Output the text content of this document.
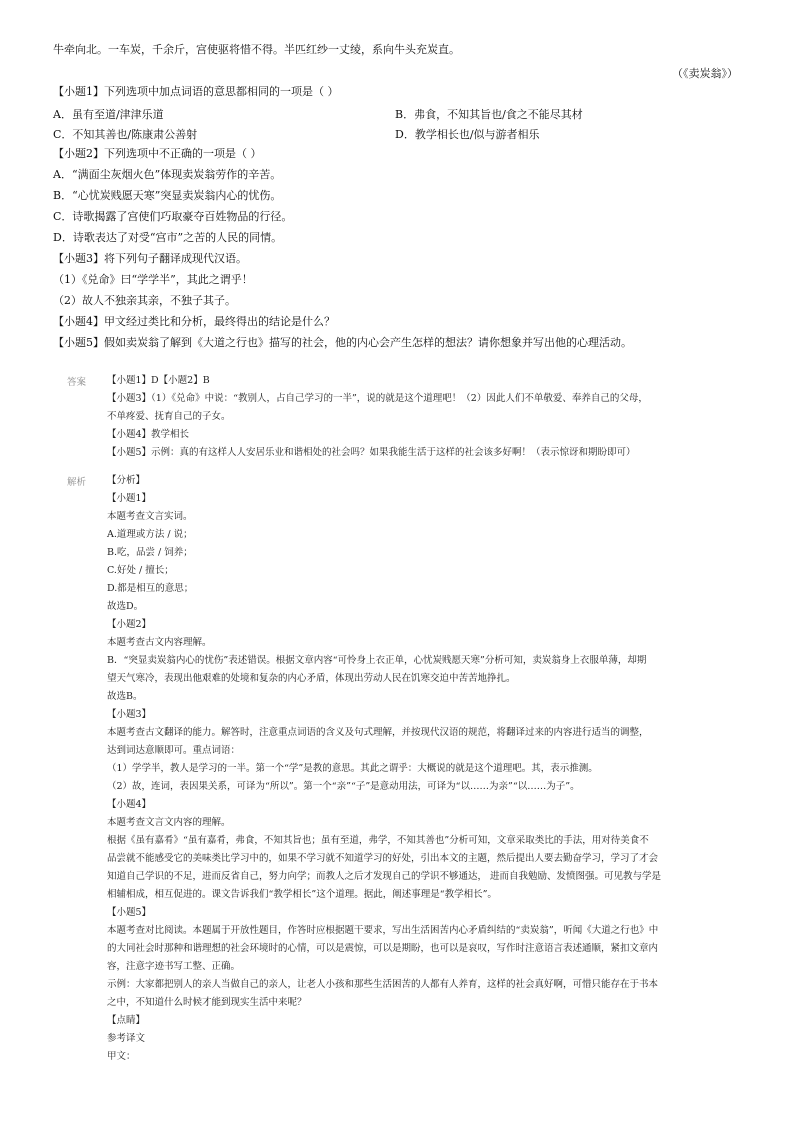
牛牵向北。一车炭，千余斤，宫使驱将惜不得。半匹红纱一丈绫，系向牛头充炭直。
（《卖炭翁》）
【小题1】下列选项中加点词语的意思都相同的一项是（ ）
A．虽有至道/津津乐道	B．弗食，不知其旨也/食之不能尽其材
C．不知其善也/陈康肃公善射	D．教学相长也/似与游者相乐
【小题2】下列选项中不正确的一项是（ ）
A．“满面尘灰烟火色”体现卖炭翁劳作的辛苦。
B．“心忧炭贱愿天寒”突显卖炭翁内心的忧伤。
C．诗歌揭露了宫使们巧取豪夺百姓物品的行径。
D．诗歌表达了对受“宫市”之苦的人民的同情。
【小题3】将下列句子翻译成现代汉语。
（1）《兑命》曰“学学半”，其此之谓乎！
（2）故人不独亲其亲，不独子其子。
【小题4】甲文经过类比和分析，最终得出的结论是什么？
【小题5】假如卖炭翁了解到《大道之行也》描写的社会，他的内心会产生怎样的想法？请你想象并写出他的心理活动。
答案 【小题1】D【小题2】B
【小题3】（1）《兑命》中说：“教别人，占自己学习的一半”，说的就是这个道理吧！（2）因此人们不单敬爱、奉养自己的父母，
不单疼爱、抚育自己的子女。
【小题4】教学相长
【小题5】示例：真的有这样人人安居乐业和谐相处的社会吗？如果我能生活于这样的社会该多好啊！（表示惊讶和期盼即可）
解析 【分析】
【小题1】
本题考查文言实词。
A.道理或方法 / 说；
B.吃，品尝 / 饲养；
C.好处 / 擅长；
D.都是相互的意思；
故选D。
【小题2】
本题考查古文内容理解。
B．“突显卖炭翁内心的忧伤”表述错误。根据文章内容“可怜身上衣正单，心忧炭贱愿天寒”分析可知，卖炭翁身上衣服单薄，却期
望天气寒冷，表现出他艰难的处境和复杂的内心矛盾，体现出劳动人民在饥寒交迫中苦苦地挣扎。
故选B。
【小题3】
本题考查古文翻译的能力。解答时，注意重点词语的含义及句式理解，并按现代汉语的规范，将翻译过来的内容进行适当的调整，
达到词达意顺即可。重点词语：
（1）学学半，教人是学习的一半。第一个“学”是教的意思。其此之谓乎：大概说的就是这个道理吧。其，表示推测。
（2）故，连词，表因果关系，可译为“所以”。第一个“亲”“子”是意动用法，可译为“以……为亲”“以……为子”。
【小题4】
本题考查文言文内容的理解。
根据《虽有嘉肴》“虽有嘉肴，弗食，不知其旨也；虽有至道，弗学，不知其善也”分析可知，文章采取类比的手法，用对待美食不
品尝就不能感受它的美味类比学习中的，如果不学习就不知道学习的好处，引出本文的主题，然后提出人要去勤奋学习，学习了才会
知道自己学识的不足，进而反省自己，努力向学；而教人之后才发现自己的学识不够通达， 进而自我勉励、发愤图强。可见教与学是
相辅相成，相互促进的。课文告诉我们“教学相长”这个道理。据此，阐述事理是“教学相长”。
【小题5】
本题考查对比阅读。本题属于开放性题目，作答时应根据题干要求，写出生活困苦内心矛盾纠结的“卖炭翁”，听闻《大道之行也》中
的大同社会时那种和谐理想的社会环境时的心情，可以是震惊，可以是期盼，也可以是哀叹，写作时注意语言表述通顺，紧扣文章内
容，注意字迹书写工整、正确。
示例：大家都把别人的亲人当做自己的亲人，让老人小孩和那些生活困苦的人都有人养育，这样的社会真好啊，可惜只能存在于书本
之中，不知道什么时候才能到现实生活中来呢？
【点睛】
参考译文
甲文：
